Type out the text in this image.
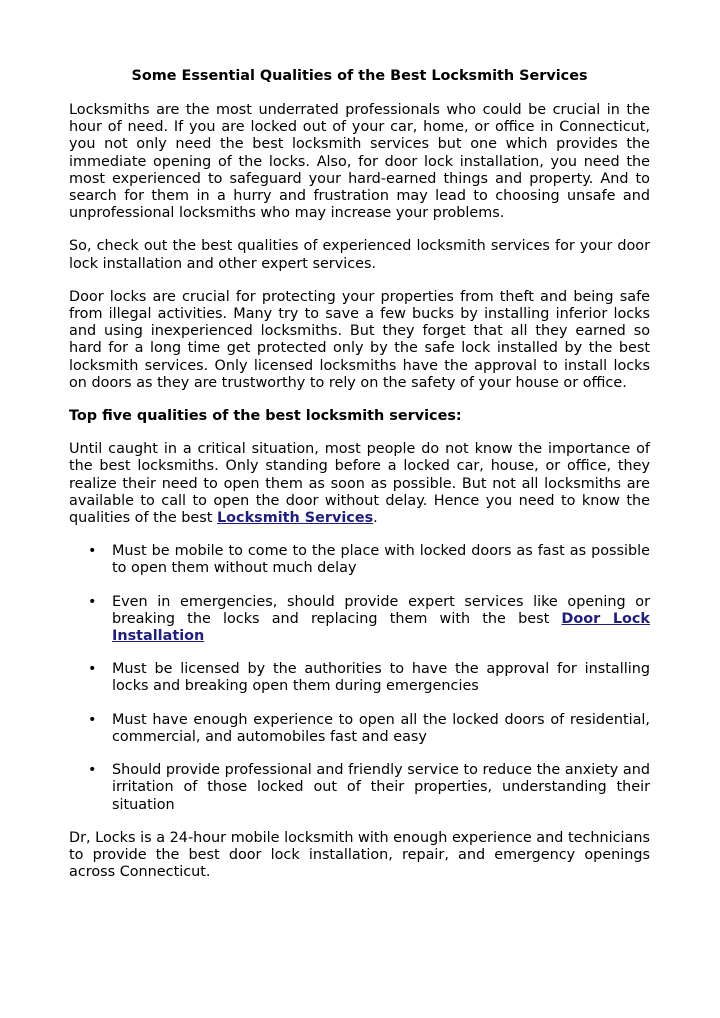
Some Essential Qualities of the Best Locksmith Services

Locksmiths are the most underrated professionals who could be crucial in the hour of need. If you are locked out of your car, home, or office in Connecticut, you not only need the best locksmith services but one which provides the immediate opening of the locks. Also, for door lock installation, you need the most experienced to safeguard your hard-earned things and property. And to search for them in a hurry and frustration may lead to choosing unsafe and unprofessional locksmiths who may increase your problems.

So, check out the best qualities of experienced locksmith services for your door lock installation and other expert services.

Door locks are crucial for protecting your properties from theft and being safe from illegal activities. Many try to save a few bucks by installing inferior locks and using inexperienced locksmiths. But they forget that all they earned so hard for a long time get protected only by the safe lock installed by the best locksmith services. Only licensed locksmiths have the approval to install locks on doors as they are trustworthy to rely on the safety of your house or office.

Top five qualities of the best locksmith services:

Until caught in a critical situation, most people do not know the importance of the best locksmiths. Only standing before a locked car, house, or office, they realize their need to open them as soon as possible. But not all locksmiths are available to call to open the door without delay. Hence you need to know the qualities of the best Locksmith Services.

• Must be mobile to come to the place with locked doors as fast as possible to open them without much delay
• Even in emergencies, should provide expert services like opening or breaking the locks and replacing them with the best Door Lock Installation
• Must be licensed by the authorities to have the approval for installing locks and breaking open them during emergencies
• Must have enough experience to open all the locked doors of residential, commercial, and automobiles fast and easy
• Should provide professional and friendly service to reduce the anxiety and irritation of those locked out of their properties, understanding their situation

Dr, Locks is a 24-hour mobile locksmith with enough experience and technicians to provide the best door lock installation, repair, and emergency openings across Connecticut.
